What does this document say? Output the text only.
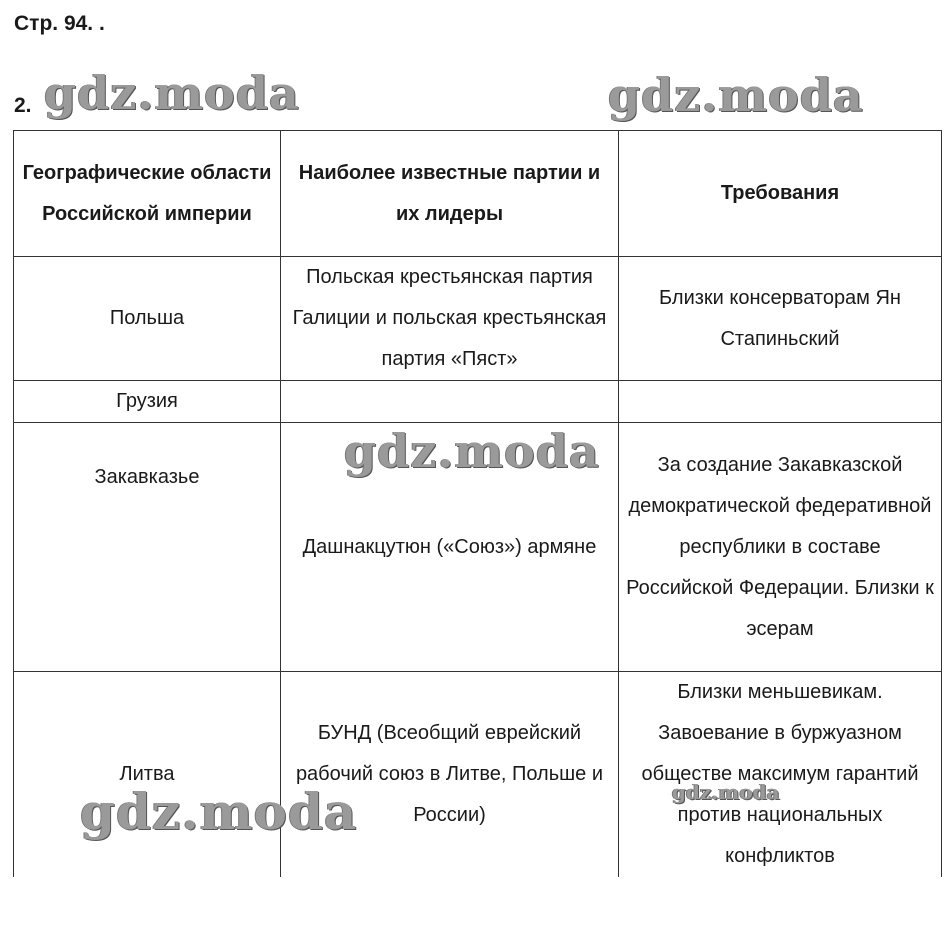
Стр. 94. .
2. gdz.moda	gdz.moda
gdz.moda
gdz.moda	gdz.moda
Географические области Российской империи	Наиболее известные партии и их лидеры	Требования
Польша	Польская крестьянская партия Галиции и польская крестьянская партия «Пяст»	Близки консерваторам Ян Стапиньский
Грузия		
Закавказье	Дашнакцутюн («Союз») армяне	За создание Закавказской демократической федеративной республики в составе Российской Федерации. Близки к эсерам
Литва	БУНД (Всеобщий еврейский рабочий союз в Литве, Польше и России)	Близки меньшевикам. Завоевание в буржуазном обществе максимум гарантий против национальных конфликтов
